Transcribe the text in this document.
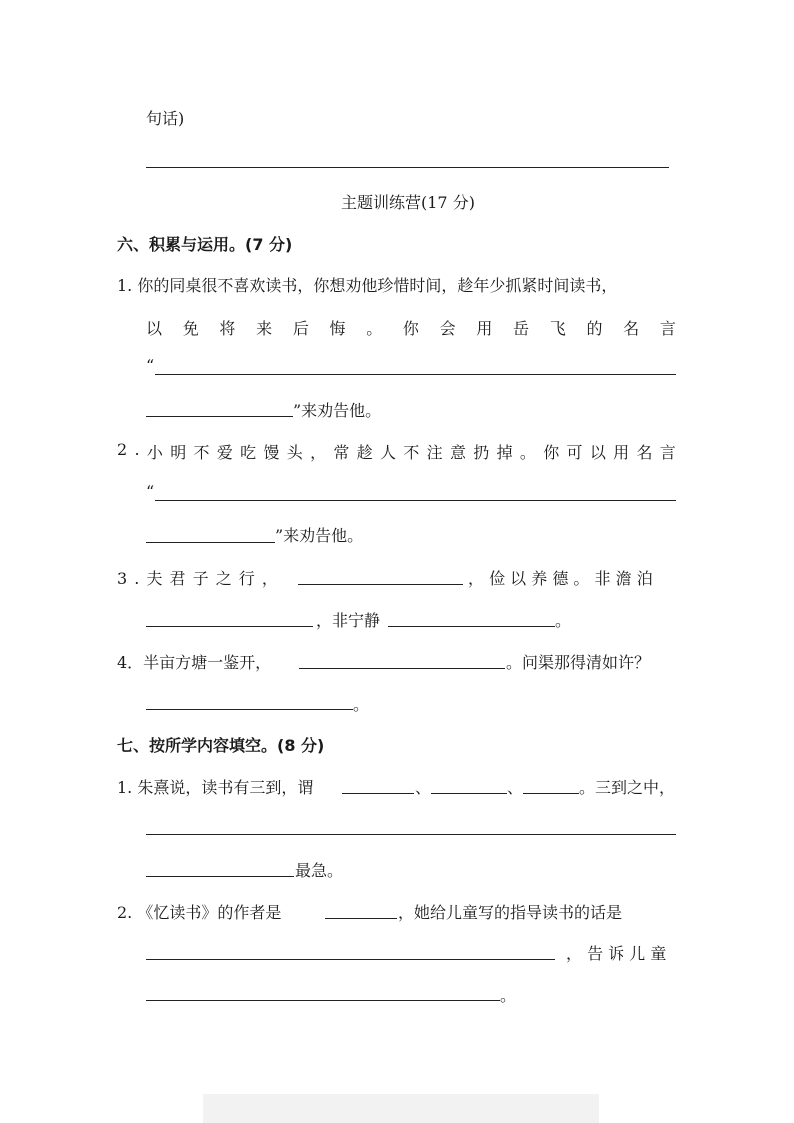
句话)
主题训练营(17 分)
六、积累与运用。(7 分)
1. 你的同桌很不喜欢读书，你想劝他珍惜时间，趁年少抓紧时间读书，
以 免 将 来 后 悔 。 你 会 用 岳 飞 的 名 言
“
”来劝告他。
2 . 小 明 不 爱 吃 馒 头 ， 常 趁 人 不 注 意 扔 掉 。 你 可 以 用 名 言
“
”来劝告他。
3 . 夫 君 子 之 行 ，	， 俭 以 养 德 。 非 澹 泊
，非宁静	。
4．半亩方塘一鉴开，	。问渠那得清如许？
。
七、按所学内容填空。(8 分)
1. 朱熹说，读书有三到，谓	、	、	。三到之中，
最急。
2. 《忆读书》的作者是	，她给儿童写的指导读书的话是
， 告 诉 儿 童
。
